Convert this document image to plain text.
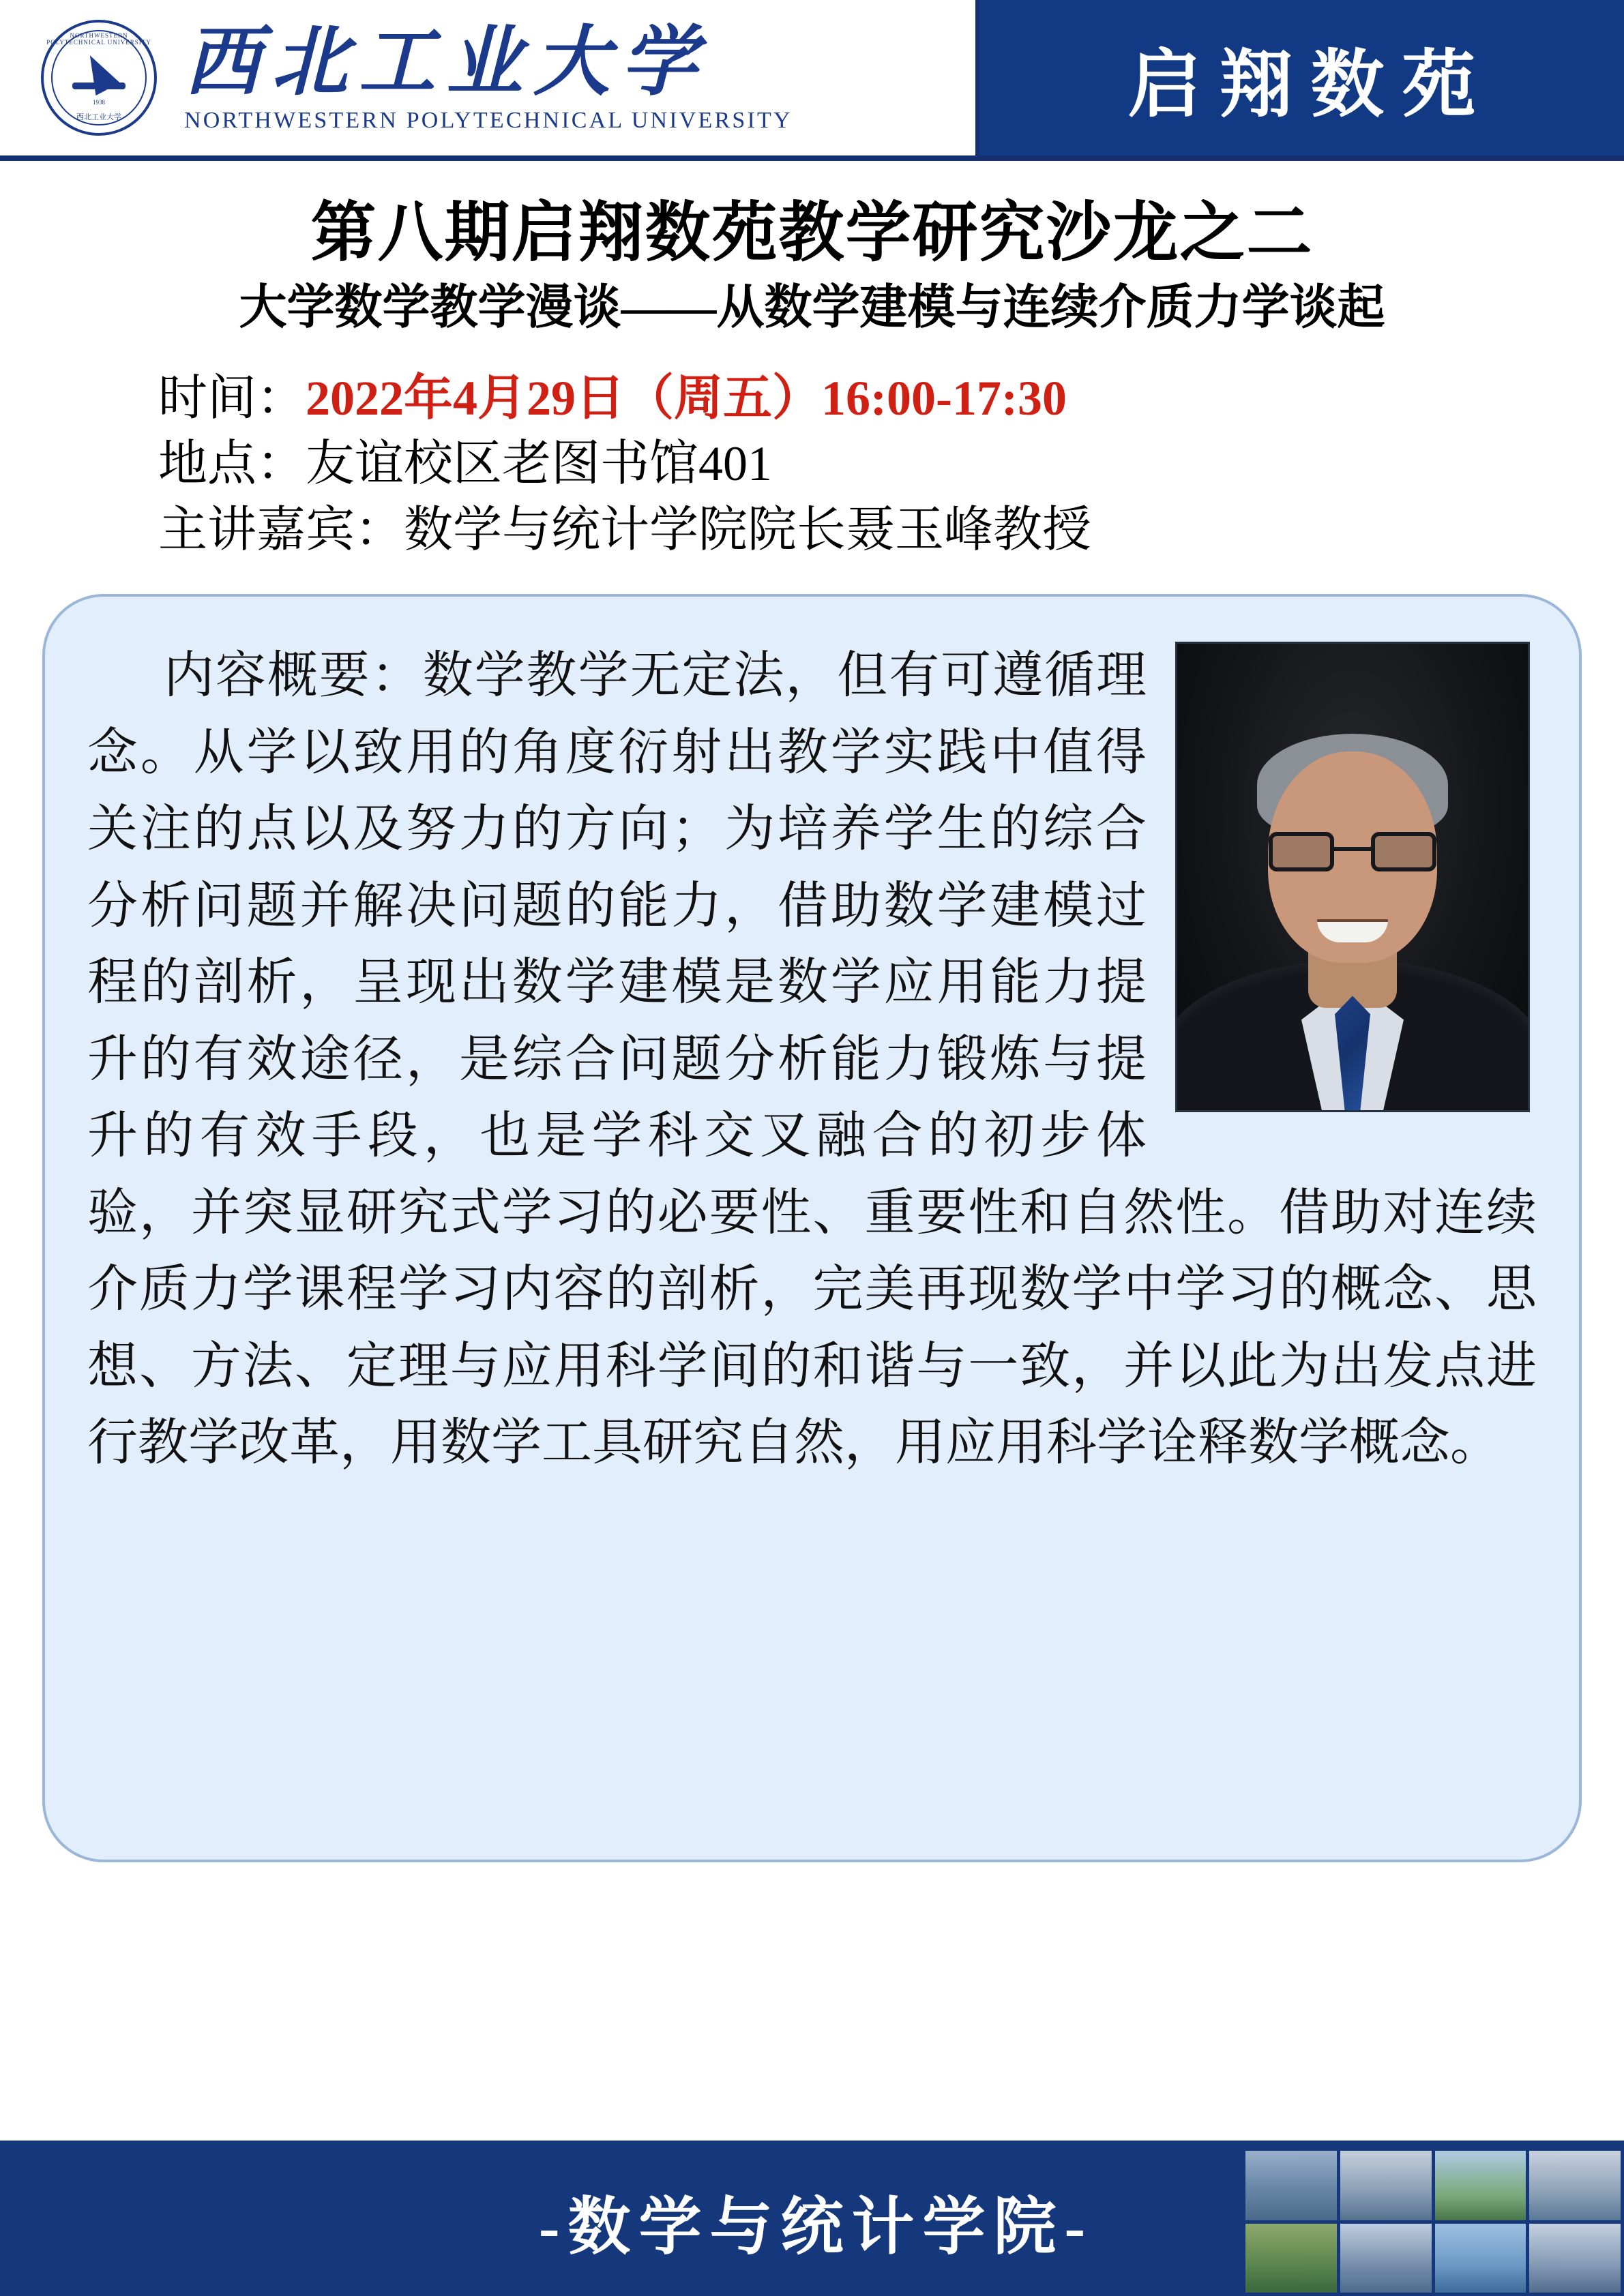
NORTHWESTERN POLYTECHNICAL UNIVERSITY
1938
西北工业大学
西北工业大学
NORTHWESTERN POLYTECHNICAL UNIVERSITY	启翔数苑
第八期启翔数苑教学研究沙龙之二
大学数学教学漫谈——从数学建模与连续介质力学谈起
时间：2022年4月29日（周五）16:00-17:30
地点：友谊校区老图书馆401
主讲嘉宾：数学与统计学院院长聂玉峰教授
内容概要：数学教学无定法，但有可遵循理念。从学以致用的角度衍射出教学实践中值得关注的点以及努力的方向；为培养学生的综合分析问题并解决问题的能力，借助数学建模过程的剖析，呈现出数学建模是数学应用能力提升的有效途径，是综合问题分析能力锻炼与提升的有效手段，也是学科交叉融合的初步体验，并突显研究式学习的必要性、重要性和自然性。借助对连续介质力学课程学习内容的剖析，完美再现数学中学习的概念、思想、方法、定理与应用科学间的和谐与一致，并以此为出发点进行教学改革，用数学工具研究自然，用应用科学诠释数学概念。
-数学与统计学院-
